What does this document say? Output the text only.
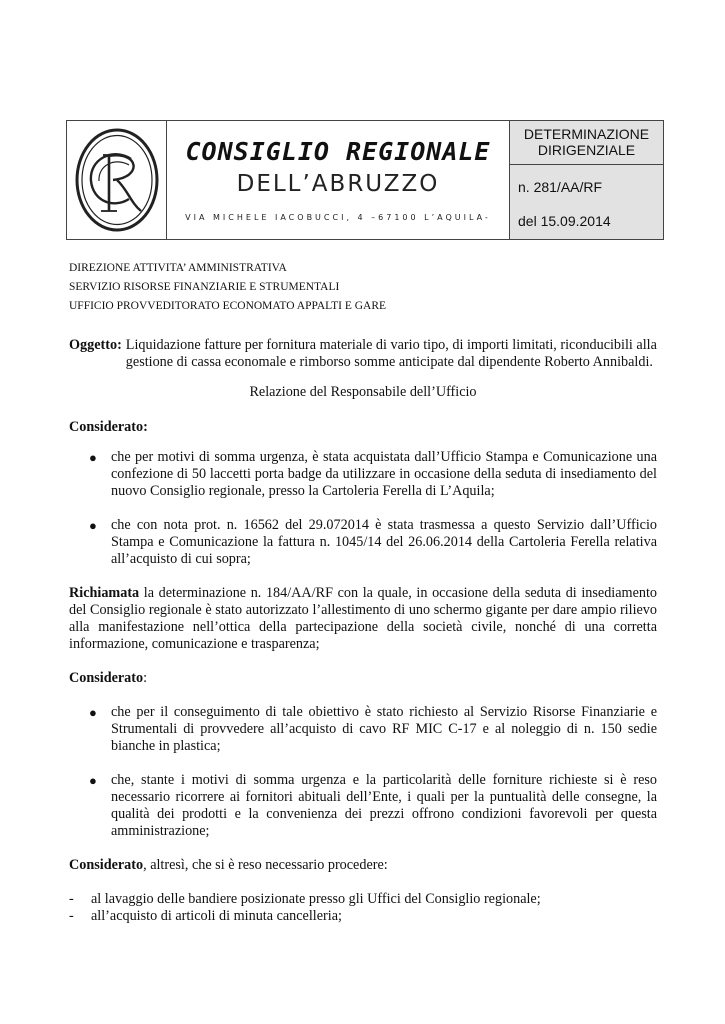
CONSIGLIO REGIONALE
DELL’ABRUZZO
VIA MICHELE IACOBUCCI, 4 –67100 L’AQUILA-
DETERMINAZIONE
DIRIGENZIALE
n. 281/AA/RF
del 15.09.2014
DIREZIONE ATTIVITA’ AMMINISTRATIVA
SERVIZIO RISORSE FINANZIARIE E STRUMENTALI
UFFICIO PROVVEDITORATO ECONOMATO APPALTI E GARE
Oggetto: Liquidazione fatture per fornitura materiale di vario tipo, di importi limitati, riconducibili alla gestione di cassa economale e rimborso somme anticipate dal dipendente Roberto Annibaldi.
Relazione del Responsabile dell’Ufficio
Considerato:
● che per motivi di somma urgenza, è stata acquistata dall’Ufficio Stampa e Comunicazione una confezione di 50 laccetti porta badge da utilizzare in occasione della seduta di insediamento del nuovo Consiglio regionale, presso la Cartoleria Ferella di L’Aquila;
● che con nota prot. n. 16562 del 29.072014 è stata trasmessa a questo Servizio dall’Ufficio Stampa e Comunicazione la fattura n. 1045/14 del 26.06.2014 della Cartoleria Ferella relativa all’acquisto di cui sopra;
Richiamata la determinazione n. 184/AA/RF con la quale, in occasione della seduta di insediamento del Consiglio regionale è stato autorizzato l’allestimento di uno schermo gigante per dare ampio rilievo alla manifestazione nell’ottica della partecipazione della società civile, nonché di una corretta informazione, comunicazione e trasparenza;
Considerato:
● che per il conseguimento di tale obiettivo è stato richiesto al Servizio Risorse Finanziarie e Strumentali di provvedere all’acquisto di cavo RF MIC C-17 e al noleggio di n. 150 sedie bianche in plastica;
● che, stante i motivi di somma urgenza e la particolarità delle forniture richieste si è reso necessario ricorrere ai fornitori abituali dell’Ente, i quali per la puntualità delle consegne, la qualità dei prodotti e la convenienza dei prezzi offrono condizioni favorevoli per questa amministrazione;
Considerato, altresì, che si è reso necessario procedere:
- al lavaggio delle bandiere posizionate presso gli Uffici del Consiglio regionale;
- all’acquisto di articoli di minuta cancelleria;
